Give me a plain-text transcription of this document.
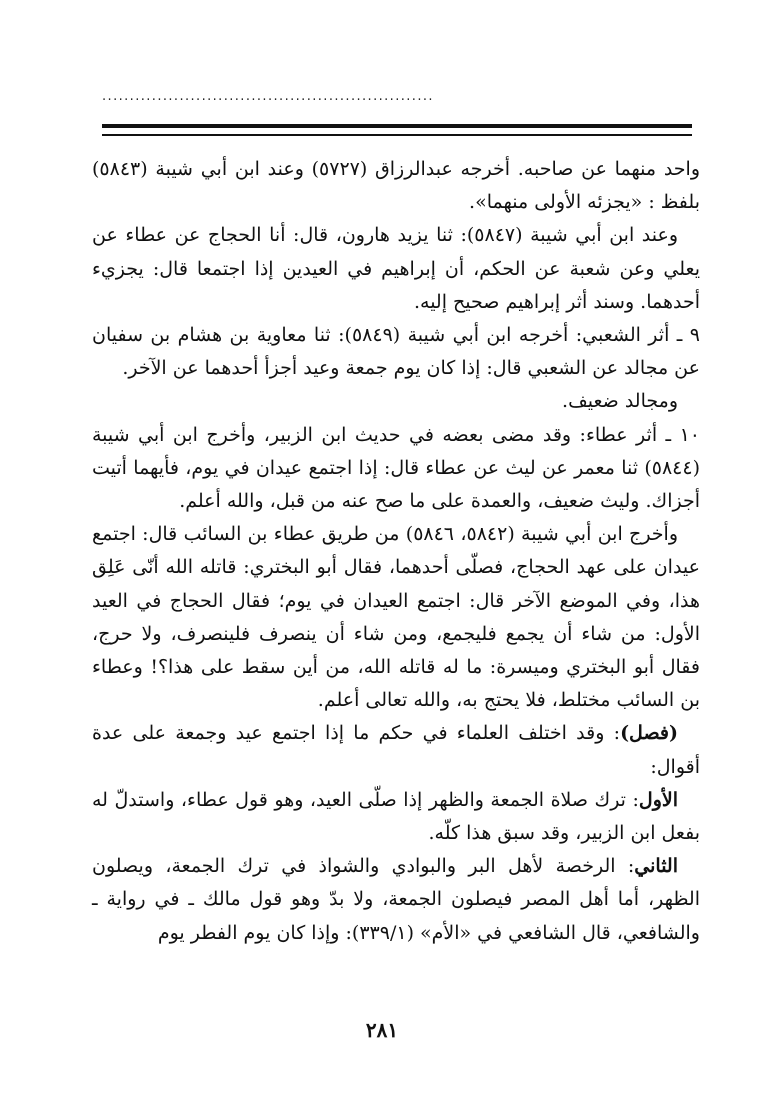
............................................................

واحد منهما عن صاحبه. أخرجه عبدالرزاق (٥٧٢٧) وعند ابن أبي شيبة (٥٨٤٣) بلفظ : «يجزئه الأولى منهما».

وعند ابن أبي شيبة (٥٨٤٧): ثنا يزيد هارون، قال: أنا الحجاج عن عطاء عن يعلي وعن شعبة عن الحكم، أن إبراهيم في العيدين إذا اجتمعا قال: يجزيء أحدهما. وسند أثر إبراهيم صحيح إليه.

٩ ـ أثر الشعبي: أخرجه ابن أبي شيبة (٥٨٤٩): ثنا معاوية بن هشام بن سفيان عن مجالد عن الشعبي قال: إذا كان يوم جمعة وعيد أجزأ أحدهما عن الآخر.

ومجالد ضعيف.

١٠ ـ أثر عطاء: وقد مضى بعضه في حديث ابن الزبير، وأخرج ابن أبي شيبة (٥٨٤٤) ثنا معمر عن ليث عن عطاء قال: إذا اجتمع عيدان في يوم، فأيهما أتيت أجزاك. وليث ضعيف، والعمدة على ما صح عنه من قبل، والله أعلم.

وأخرج ابن أبي شيبة (٥٨٤٢، ٥٨٤٦) من طريق عطاء بن السائب قال: اجتمع عيدان على عهد الحجاج، فصلّى أحدهما، فقال أبو البختري: قاتله الله أنّى عَلِق هذا، وفي الموضع الآخر قال: اجتمع العيدان في يوم؛ فقال الحجاج في العيد الأول: من شاء أن يجمع فليجمع، ومن شاء أن ينصرف فلينصرف، ولا حرج، فقال أبو البختري وميسرة: ما له قاتله الله، من أين سقط على هذا؟! وعطاء بن السائب مختلط، فلا يحتج به، والله تعالى أعلم.

(فصل): وقد اختلف العلماء في حكم ما إذا اجتمع عيد وجمعة على عدة أقوال:

الأول: ترك صلاة الجمعة والظهر إذا صلّى العيد، وهو قول عطاء، واستدلّ له بفعل ابن الزبير، وقد سبق هذا كلّه.

الثاني: الرخصة لأهل البر والبوادي والشواذ في ترك الجمعة، ويصلون الظهر، أما أهل المصر فيصلون الجمعة، ولا بدّ وهو قول مالك ـ في رواية ـ والشافعي، قال الشافعي في «الأم» (٣٣٩/١): وإذا كان يوم الفطر يوم

٢٨١
